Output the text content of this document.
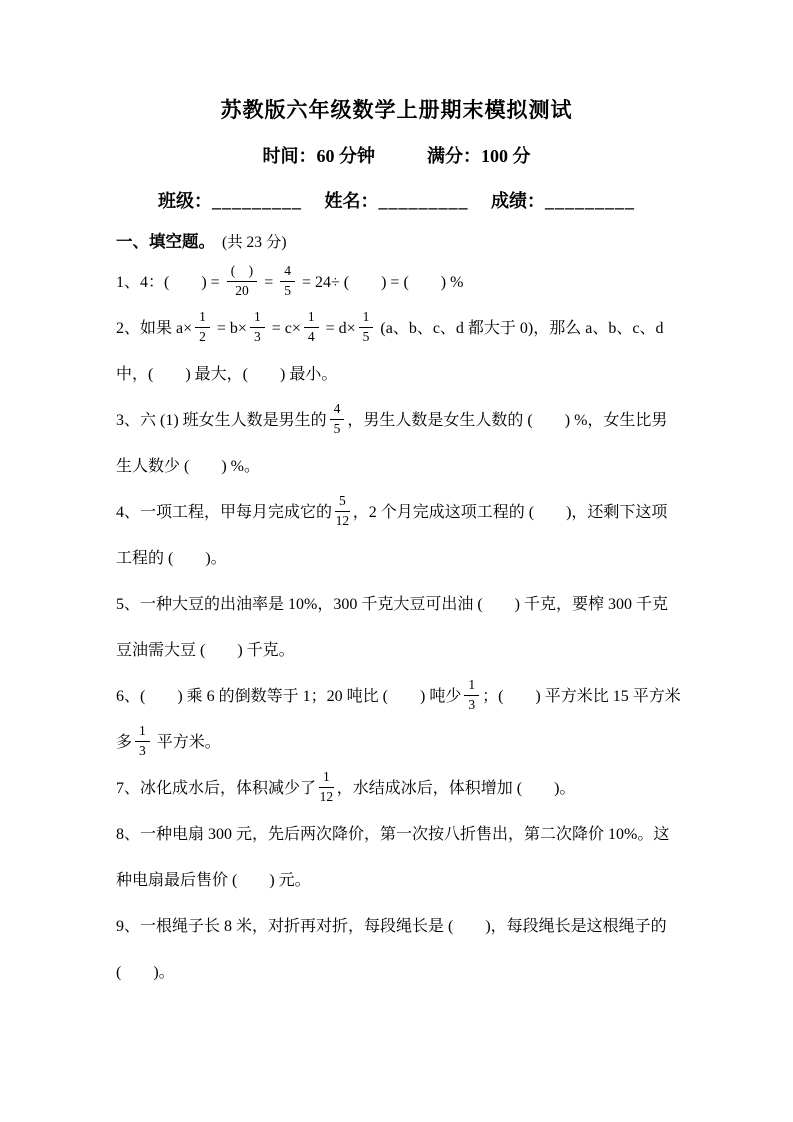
苏教版六年级数学上册期末模拟测试
时间：60 分钟	满分：100 分
班级：_________ 姓名：_________ 成绩：_________
一、填空题。 (共 23 分)

1、4：(　　) = $\frac{( )}{20} = \frac{4}{5} = 24\div$ (　　) = (　　) %

2、如果 $a\times \frac{1}{2} = b\times \frac{1}{3} = c\times \frac{1}{4} = d\times \frac{1}{5} (a$、b、c、d 都大于 0)，那么 a、b、c、d 中，(　　) 最大，(　　) 最小。

3、六 (1) 班女生人数是男生的 $\frac{4}{5}$ ，男生人数是女生人数的 (　　) %，女生比男生人数少 (　　) %。

4、一项工程，甲每月完成它的 $\frac{5}{12}$ ，2 个月完成这项工程的 (　　)，还剩下这项工程的 (　　)。

5、一种大豆的出油率是 10%，300 千克大豆可出油 (　　) 千克，要榨 300 千克豆油需大豆 (　　) 千克。

6、(　　) 乘 6 的倒数等于 1；20 吨比 (　　) 吨少 $\frac{1}{3}$ ；(　　) 平方米比 15 平方米多 $\frac{1}{3}$ 平方米。

7、冰化成水后，体积减少了 $\frac{1}{12}$ ，水结成冰后，体积增加 (　　)。

8、一种电扇 300 元，先后两次降价，第一次按八折售出，第二次降价 10%。这种电扇最后售价 (　　) 元。

9、一根绳子长 8 米，对折再对折，每段绳长是 (　　)，每段绳长是这根绳子的 (　　)。
